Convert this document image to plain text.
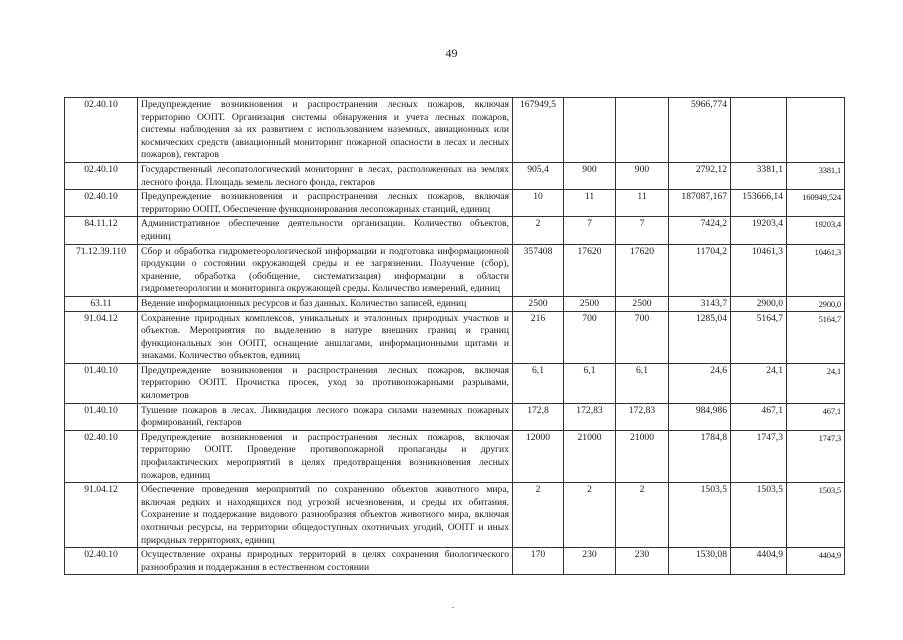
49
02.40.10	Предупреждение возникновения и распространения лесных пожаров, включая территорию ООПТ. Организация системы обнаружения и учета лесных пожаров, системы наблюдения за их развитием с использованием наземных, авиационных или космических средств (авиационный мониторинг пожарной опасности в лесах и лесных пожаров), гектаров	167949,5			5966,774		
02.40.10	Государственный лесопатологический мониторинг в лесах, расположенных на землях лесного фонда. Площадь земель лесного фонда, гектаров	905,4	900	900	2792,12	3381,1	3381,1
02.40.10	Предупреждение возникновения и распространения лесных пожаров, включая территорию ООПТ. Обеспечение функционирования лесопожарных станций, единиц	10	11	11	187087,167	153666,14	160949,524
84.11.12	Административное обеспечение деятельности организации. Количество объектов, единиц	2	7	7	7424,2	19203,4	19203,4
71.12.39.110	Сбор и обработка гидрометеорологической информации и подготовка информационной продукции о состоянии окружающей среды и ее загрязнении. Получение (сбор), хранение, обработка (обобщение, систематизация) информации в области гидрометеорологии и мониторинга окружающей среды. Количество измерений, единиц	357408	17620	17620	11704,2	10461,3	10461,3
63.11	Ведение информационных ресурсов и баз данных. Количество записей, единиц	2500	2500	2500	3143,7	2900,0	2900,0
91.04.12	Сохранение природных комплексов, уникальных и эталонных природных участков и объектов. Мероприятия по выделению в натуре внешних границ и границ функциональных зон ООПТ, оснащение аншлагами, информационными щитами и знаками. Количество объектов, единиц	216	700	700	1285,04	5164,7	5164,7
01.40.10	Предупреждение возникновения и распространения лесных пожаров, включая территорию ООПТ. Прочистка просек, уход за противопожарными разрывами, километров	6,1	6,1	6,1	24,6	24,1	24,1
01.40.10	Тушение пожаров в лесах. Ликвидация лесного пожара силами наземных пожарных формирований, гектаров	172,8	172,83	172,83	984,986	467,1	467,1
02.40.10	Предупреждение возникновения и распространения лесных пожаров, включая территорию ООПТ. Проведение противопожарной пропаганды и других профилактических мероприятий в целях предотвращения возникновения лесных пожаров, единиц	12000	21000	21000	1784,8	1747,3	1747,3
91.04.12	Обеспечение проведения мероприятий по сохранению объектов животного мира, включая редких и находящихся под угрозой исчезновения, и среды их обитания. Сохранение и поддержание видового разнообразия объектов животного мира, включая охотничьи ресурсы, на территории общедоступных охотничьих угодий, ООПТ и иных природных территориях, единиц	2	2	2	1503,5	1503,5	1503,5
02.40.10	Осуществление охраны природных территорий в целях сохранения биологического разнообразия и поддержания в естественном состоянии	170	230	230	1530,08	4404,9	4404,9
